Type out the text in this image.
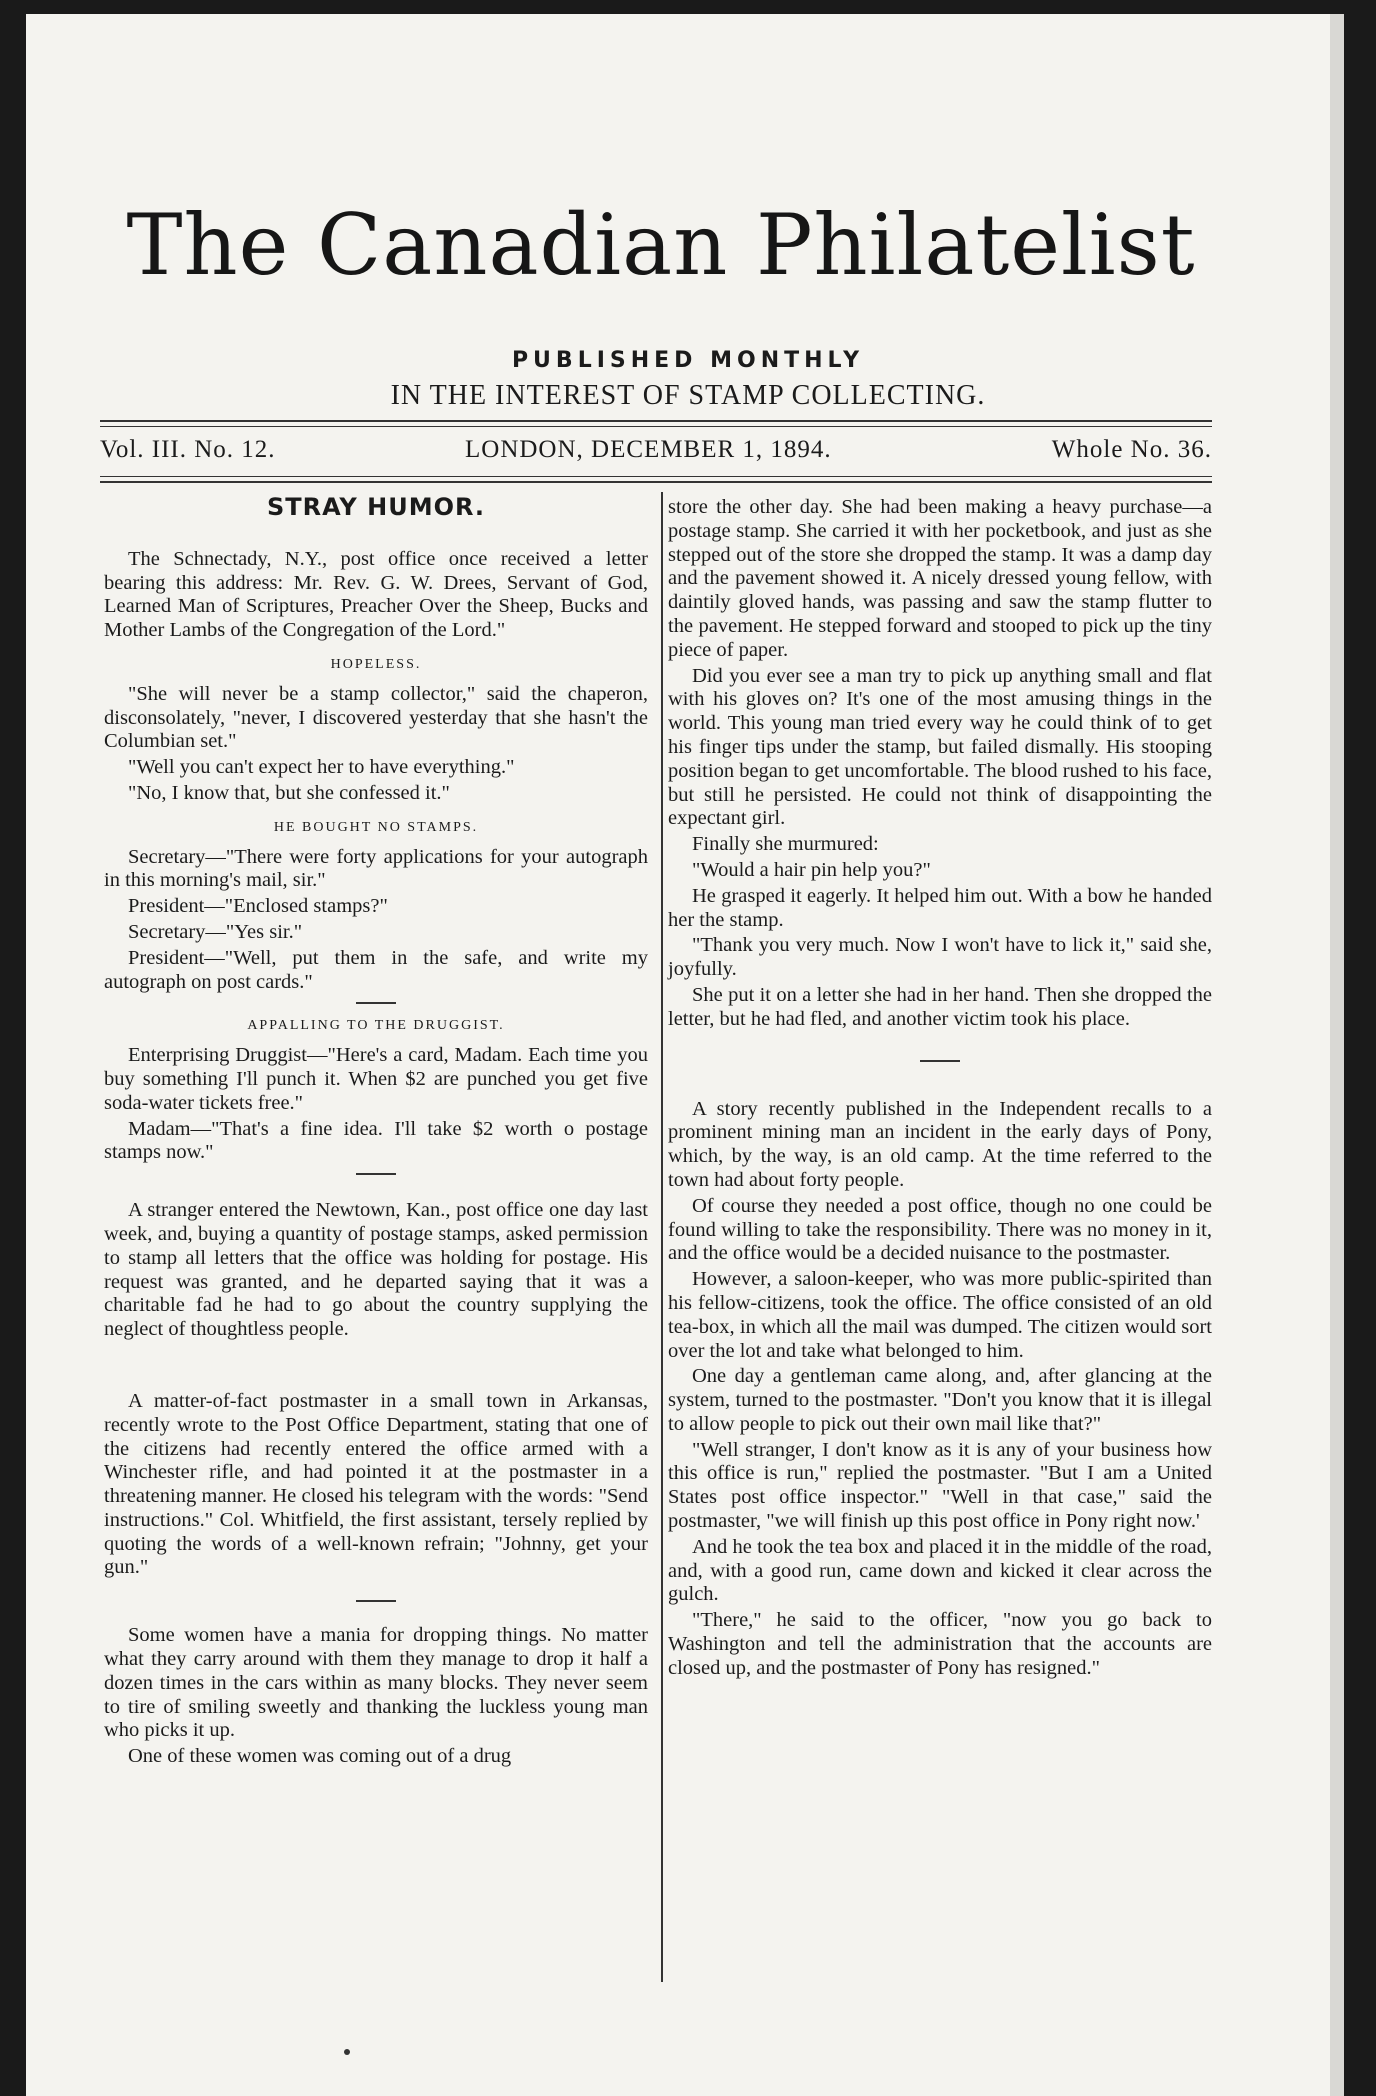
The Canadian Philatelist
PUBLISHED MONTHLY
IN THE INTEREST OF STAMP COLLECTING.
Vol. III. No. 12.	LONDON, DECEMBER 1, 1894.	Whole No. 36.
STRAY HUMOR.

The Schnectady, N.Y., post office once received a letter bearing this address: Mr. Rev. G. W. Drees, Servant of God, Learned Man of Scriptures, Preacher Over the Sheep, Bucks and Mother Lambs of the Congregation of the Lord."

HOPELESS.

"She will never be a stamp collector," said the chaperon, disconsolately, "never, I discovered yesterday that she hasn't the Columbian set."

"Well you can't expect her to have everything."

"No, I know that, but she confessed it."

HE BOUGHT NO STAMPS.

Secretary—"There were forty applications for your autograph in this morning's mail, sir."

President—"Enclosed stamps?"

Secretary—"Yes sir."

President—"Well, put them in the safe, and write my autograph on post cards."

APPALLING TO THE DRUGGIST.

Enterprising Druggist—"Here's a card, Madam. Each time you buy something I'll punch it. When $2 are punched you get five soda-water tickets free."

Madam—"That's a fine idea. I'll take $2 worth o postage stamps now."

A stranger entered the Newtown, Kan., post office one day last week, and, buying a quantity of postage stamps, asked permission to stamp all letters that the office was holding for postage. His request was granted, and he departed saying that it was a charitable fad he had to go about the country supplying the neglect of thoughtless people.

A matter-of-fact postmaster in a small town in Arkansas, recently wrote to the Post Office Department, stating that one of the citizens had recently entered the office armed with a Winchester rifle, and had pointed it at the postmaster in a threatening manner. He closed his telegram with the words: "Send instructions." Col. Whitfield, the first assistant, tersely replied by quoting the words of a well-known refrain; "Johnny, get your gun."

Some women have a mania for dropping things. No matter what they carry around with them they manage to drop it half a dozen times in the cars within as many blocks. They never seem to tire of smiling sweetly and thanking the luckless young man who picks it up.

One of these women was coming out of a drug

store the other day. She had been making a heavy purchase—a postage stamp. She carried it with her pocketbook, and just as she stepped out of the store she dropped the stamp. It was a damp day and the pavement showed it. A nicely dressed young fellow, with daintily gloved hands, was passing and saw the stamp flutter to the pavement. He stepped forward and stooped to pick up the tiny piece of paper.

Did you ever see a man try to pick up anything small and flat with his gloves on? It's one of the most amusing things in the world. This young man tried every way he could think of to get his finger tips under the stamp, but failed dismally. His stooping position began to get uncomfortable. The blood rushed to his face, but still he persisted. He could not think of disappointing the expectant girl.

Finally she murmured:

"Would a hair pin help you?"

He grasped it eagerly. It helped him out. With a bow he handed her the stamp.

"Thank you very much. Now I won't have to lick it," said she, joyfully.

She put it on a letter she had in her hand. Then she dropped the letter, but he had fled, and another victim took his place.

A story recently published in the Independent recalls to a prominent mining man an incident in the early days of Pony, which, by the way, is an old camp. At the time referred to the town had about forty people.

Of course they needed a post office, though no one could be found willing to take the responsibility. There was no money in it, and the office would be a decided nuisance to the postmaster.

However, a saloon-keeper, who was more public-spirited than his fellow-citizens, took the office. The office consisted of an old tea-box, in which all the mail was dumped. The citizen would sort over the lot and take what belonged to him.

One day a gentleman came along, and, after glancing at the system, turned to the postmaster. "Don't you know that it is illegal to allow people to pick out their own mail like that?"

"Well stranger, I don't know as it is any of your business how this office is run," replied the postmaster. "But I am a United States post office inspector." "Well in that case," said the postmaster, "we will finish up this post office in Pony right now.'

And he took the tea box and placed it in the middle of the road, and, with a good run, came down and kicked it clear across the gulch.

"There," he said to the officer, "now you go back to Washington and tell the administration that the accounts are closed up, and the postmaster of Pony has resigned."
